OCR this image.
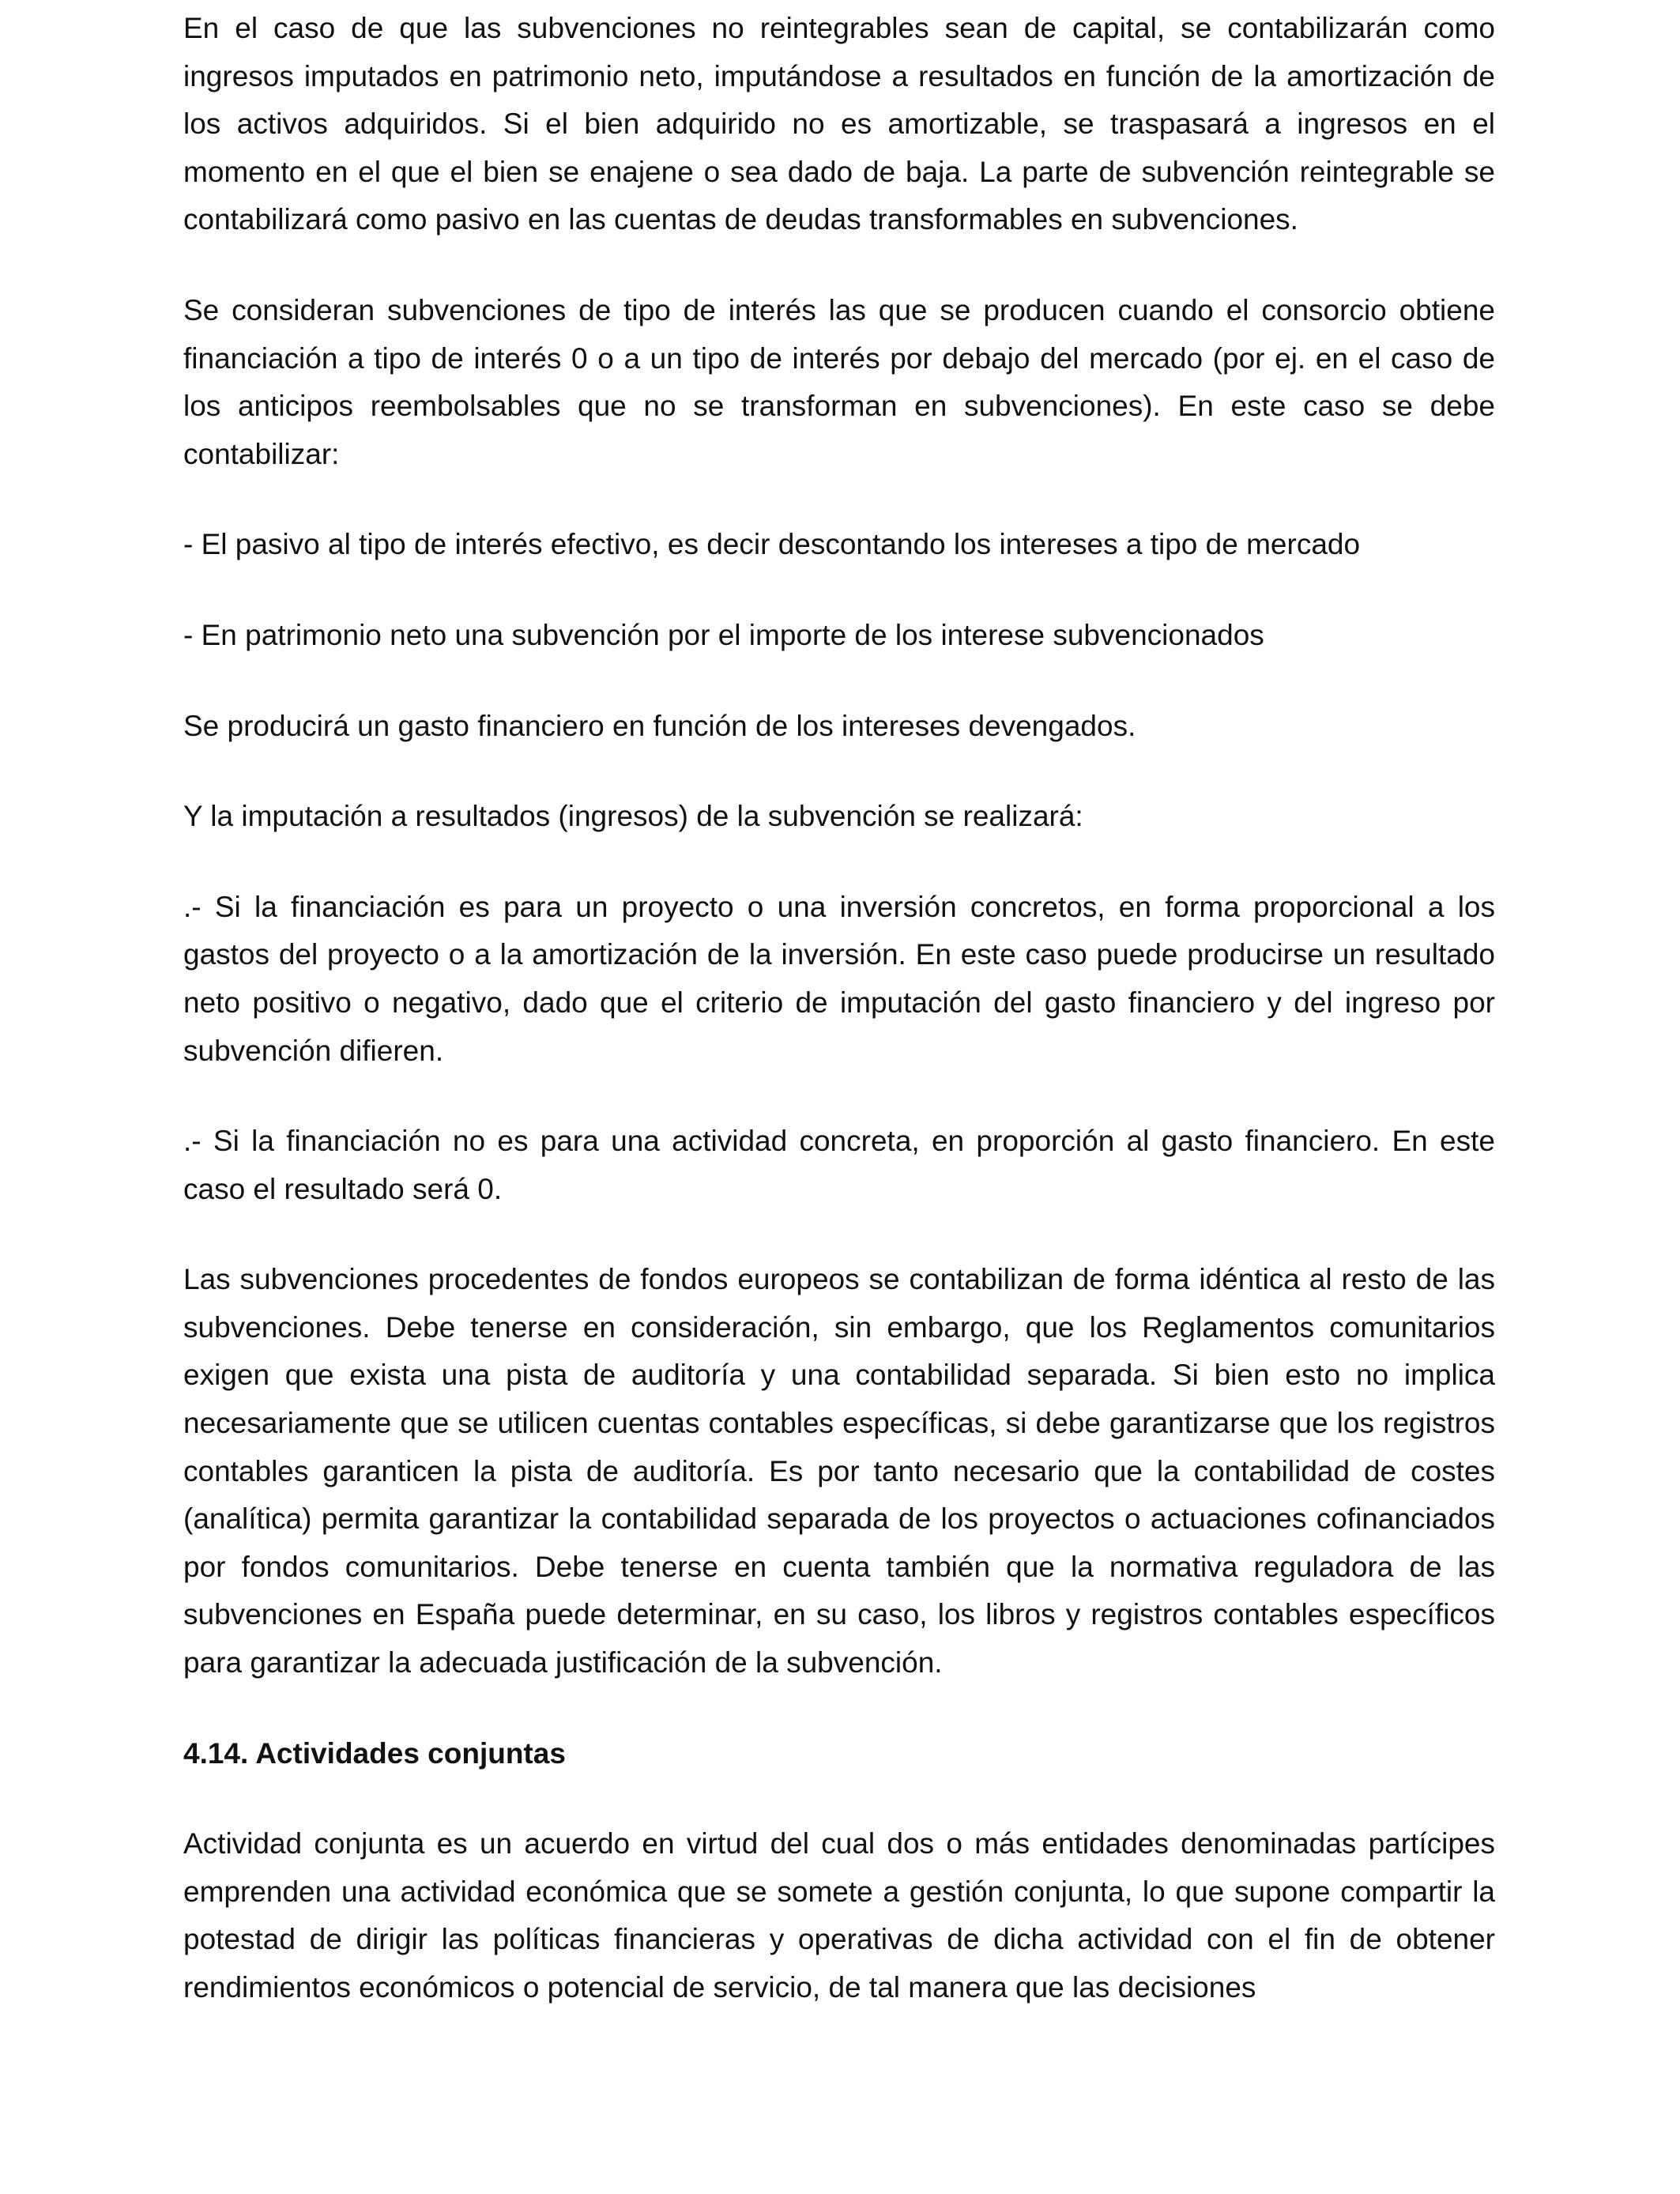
En el caso de que las subvenciones no reintegrables sean de capital, se contabilizarán como ingresos imputados en patrimonio neto, imputándose a resultados en función de la amortización de los activos adquiridos. Si el bien adquirido no es amortizable, se traspasará a ingresos en el momento en el que el bien se enajene o sea dado de baja. La parte de subvención reintegrable se contabilizará como pasivo en las cuentas de deudas transformables en subvenciones.

Se consideran subvenciones de tipo de interés las que se producen cuando el consorcio obtiene financiación a tipo de interés 0 o a un tipo de interés por debajo del mercado (por ej. en el caso de los anticipos reembolsables que no se transforman en subvenciones). En este caso se debe contabilizar:

- El pasivo al tipo de interés efectivo, es decir descontando los intereses a tipo de mercado

- En patrimonio neto una subvención por el importe de los interese subvencionados

Se producirá un gasto financiero en función de los intereses devengados.

Y la imputación a resultados (ingresos) de la subvención se realizará:

.- Si la financiación es para un proyecto o una inversión concretos, en forma proporcional a los gastos del proyecto o a la amortización de la inversión. En este caso puede producirse un resultado neto positivo o negativo, dado que el criterio de imputación del gasto financiero y del ingreso por subvención difieren.

.- Si la financiación no es para una actividad concreta, en proporción al gasto financiero. En este caso el resultado será 0.

Las subvenciones procedentes de fondos europeos se contabilizan de forma idéntica al resto de las subvenciones. Debe tenerse en consideración, sin embargo, que los Reglamentos comunitarios exigen que exista una pista de auditoría y una contabilidad separada. Si bien esto no implica necesariamente que se utilicen cuentas contables específicas, si debe garantizarse que los registros contables garanticen la pista de auditoría. Es por tanto necesario que la contabilidad de costes (analítica) permita garantizar la contabilidad separada de los proyectos o actuaciones cofinanciados por fondos comunitarios. Debe tenerse en cuenta también que la normativa reguladora de las subvenciones en España puede determinar, en su caso, los libros y registros contables específicos para garantizar la adecuada justificación de la subvención.

4.14. Actividades conjuntas

Actividad conjunta es un acuerdo en virtud del cual dos o más entidades denominadas partícipes emprenden una actividad económica que se somete a gestión conjunta, lo que supone compartir la potestad de dirigir las políticas financieras y operativas de dicha actividad con el fin de obtener rendimientos económicos o potencial de servicio, de tal manera que las decisiones
